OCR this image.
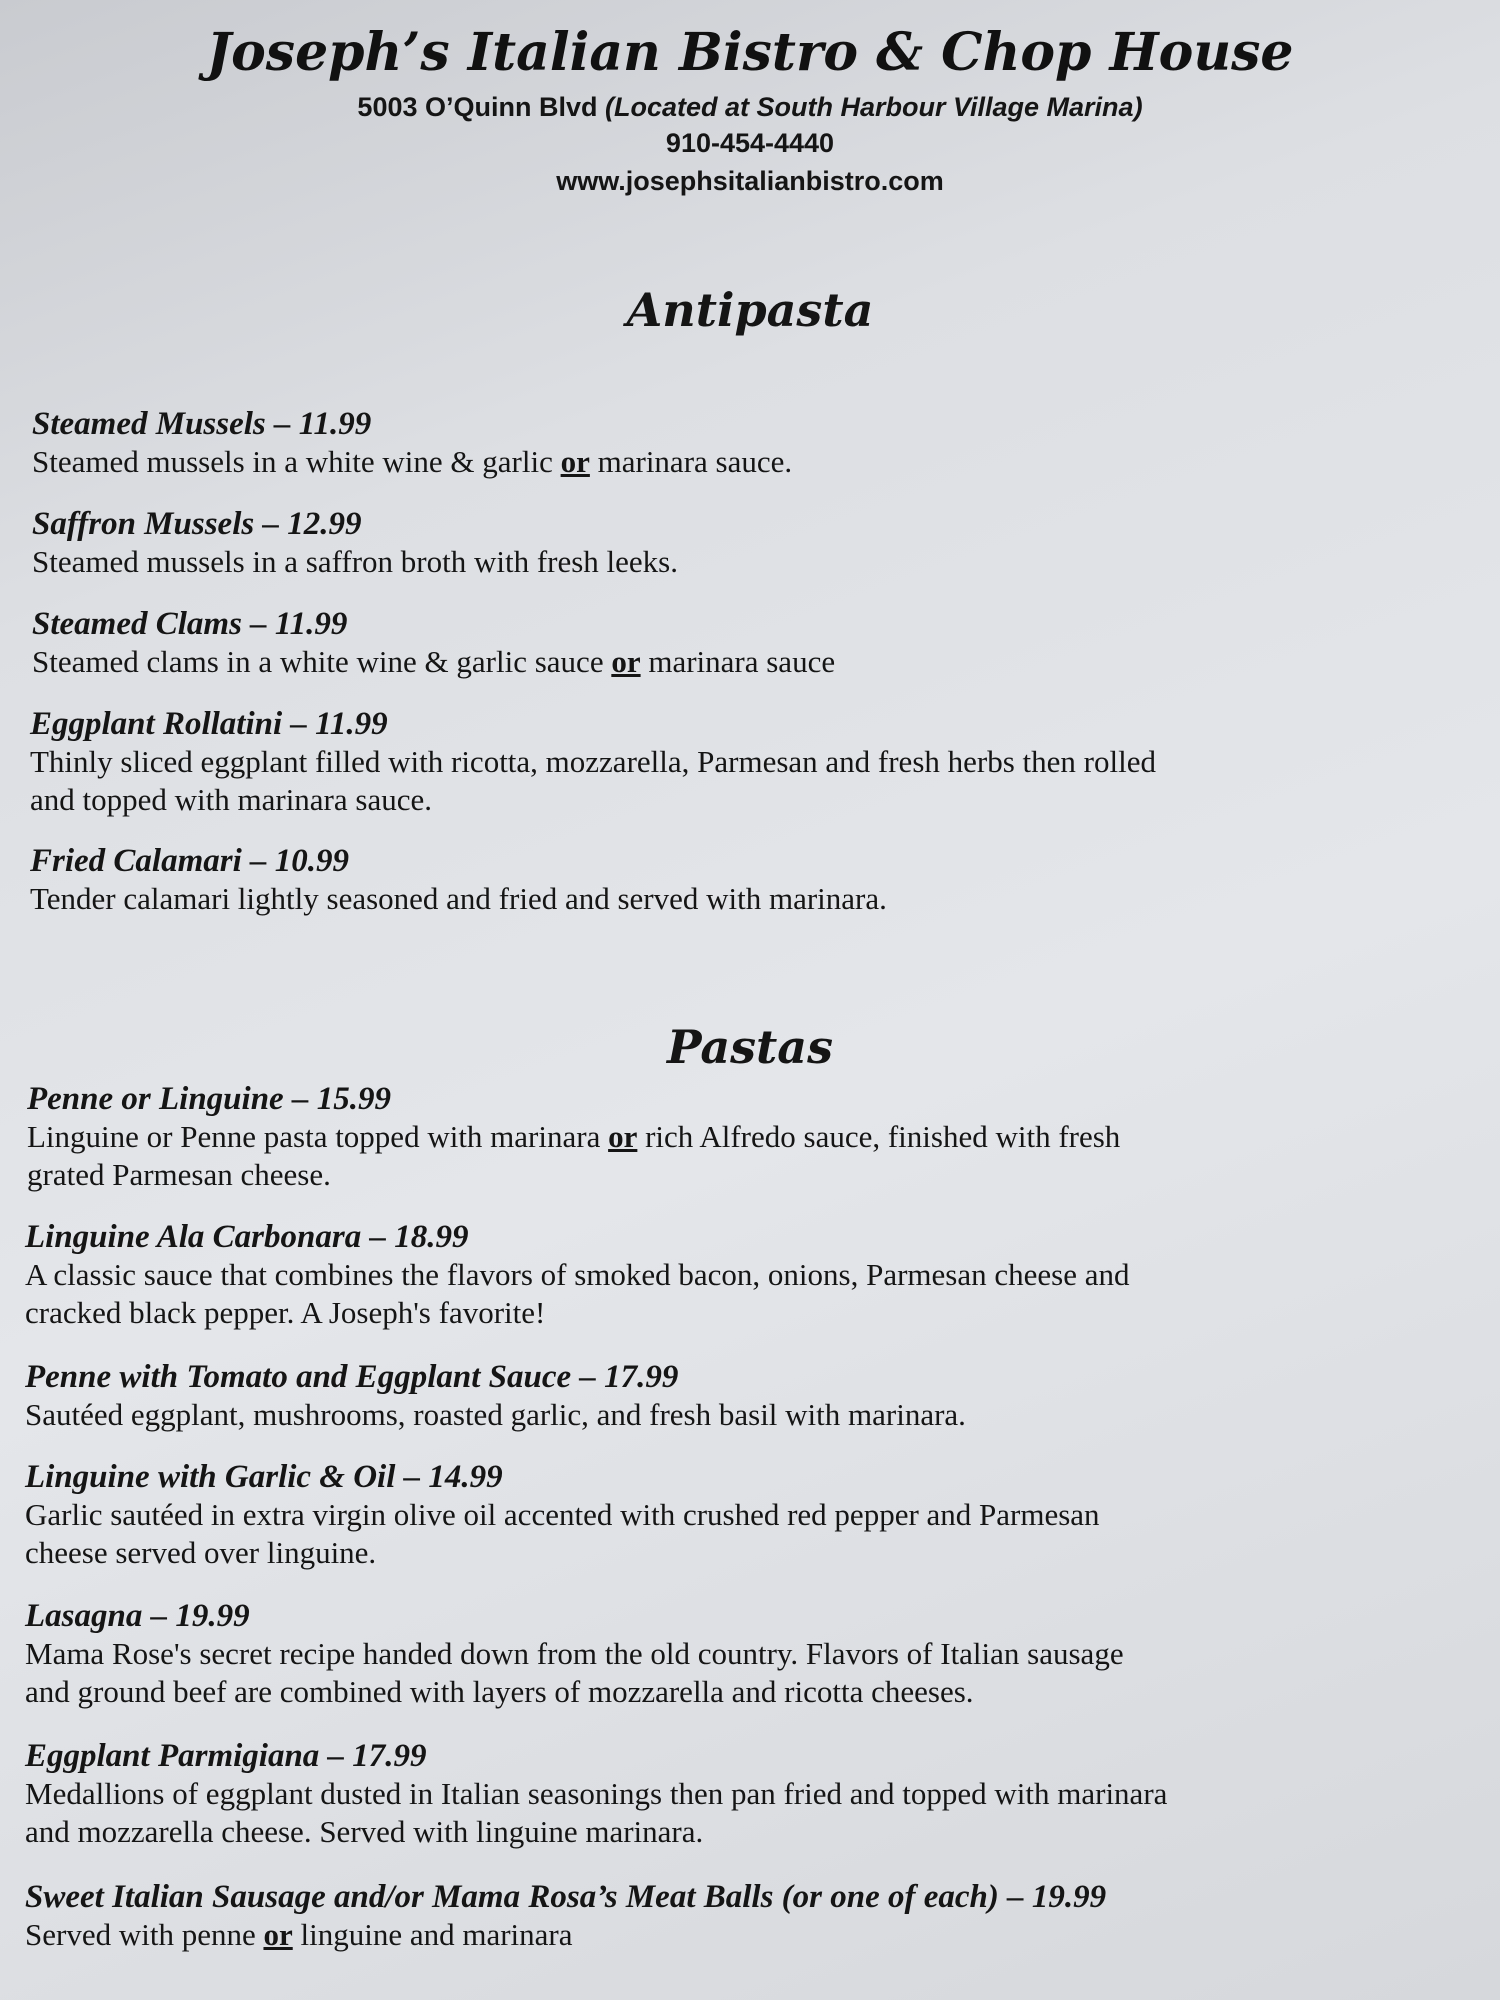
Joseph’s Italian Bistro & Chop House
5003 O’Quinn Blvd (Located at South Harbour Village Marina)
910-454-4440
www.josephsitalianbistro.com
Antipasta
Steamed Mussels – 11.99
Steamed mussels in a white wine & garlic or marinara sauce.
Saffron Mussels – 12.99
Steamed mussels in a saffron broth with fresh leeks.
Steamed Clams – 11.99
Steamed clams in a white wine & garlic sauce or marinara sauce
Eggplant Rollatini – 11.99
Thinly sliced eggplant filled with ricotta, mozzarella, Parmesan and fresh herbs then rolled
and topped with marinara sauce.
Fried Calamari – 10.99
Tender calamari lightly seasoned and fried and served with marinara.
Pastas
Penne or Linguine – 15.99
Linguine or Penne pasta topped with marinara or rich Alfredo sauce, finished with fresh
grated Parmesan cheese.
Linguine Ala Carbonara – 18.99
A classic sauce that combines the flavors of smoked bacon, onions, Parmesan cheese and
cracked black pepper. A Joseph's favorite!
Penne with Tomato and Eggplant Sauce – 17.99
Sautéed eggplant, mushrooms, roasted garlic, and fresh basil with marinara.
Linguine with Garlic & Oil – 14.99
Garlic sautéed in extra virgin olive oil accented with crushed red pepper and Parmesan
cheese served over linguine.
Lasagna – 19.99
Mama Rose's secret recipe handed down from the old country. Flavors of Italian sausage
and ground beef are combined with layers of mozzarella and ricotta cheeses.
Eggplant Parmigiana – 17.99
Medallions of eggplant dusted in Italian seasonings then pan fried and topped with marinara
and mozzarella cheese. Served with linguine marinara.
Sweet Italian Sausage and/or Mama Rosa’s Meat Balls (or one of each) – 19.99
Served with penne or linguine and marinara
